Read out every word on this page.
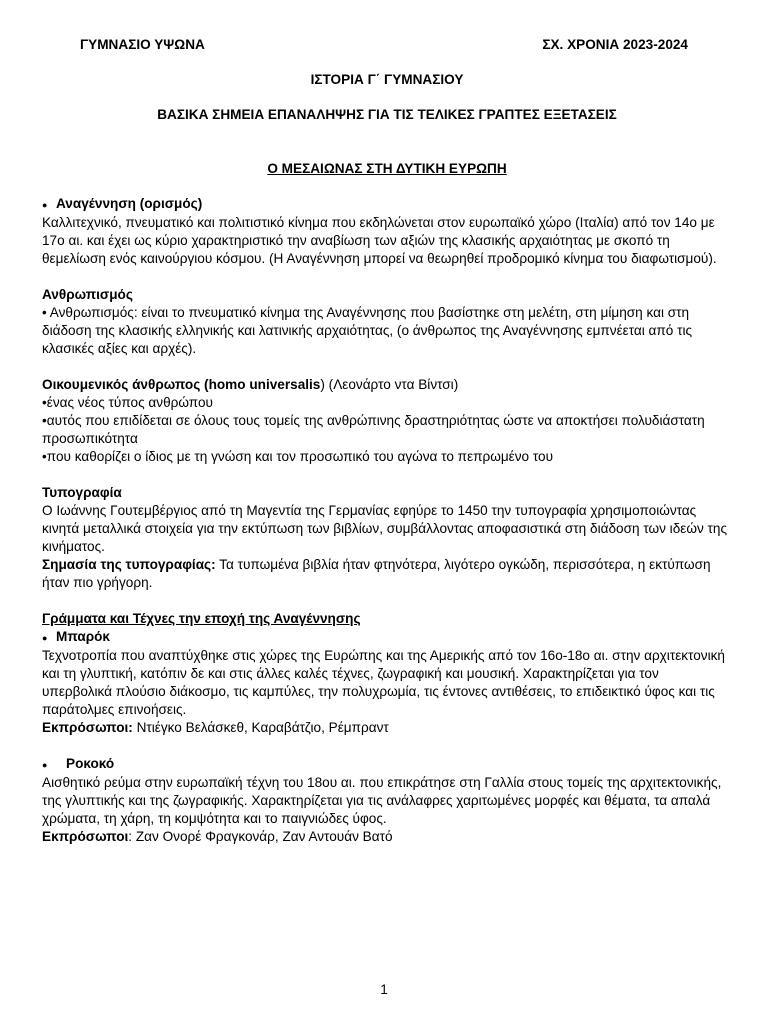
ΓΥΜΝΑΣΙΟ ΥΨΩΝΑ	ΣΧ. ΧΡΟΝΙΑ 2023-2024
ΙΣΤΟΡΙΑ Γ΄ ΓΥΜΝΑΣΙΟΥ
ΒΑΣΙΚΑ ΣΗΜΕΙΑ ΕΠΑΝΑΛΗΨΗΣ ΓΙΑ ΤΙΣ ΤΕΛΙΚΕΣ ΓΡΑΠΤΕΣ ΕΞΕΤΑΣΕΙΣ
Ο ΜΕΣΑΙΩΝΑΣ ΣΤΗ ΔΥΤΙΚΗ ΕΥΡΩΠΗ
● Αναγέννηση (ορισμός)

Καλλιτεχνικό, πνευματικό και πολιτιστικό κίνημα που εκδηλώνεται στον ευρωπαϊκό χώρο (Ιταλία) από τον 14ο με 17ο αι. και έχει ως κύριο χαρακτηριστικό την αναβίωση των αξιών της κλασικής αρχαιότητας με σκοπό τη θεμελίωση ενός καινούργιου κόσμου. (Η Αναγέννηση μπορεί να θεωρηθεί προδρομικό κίνημα του διαφωτισμού).

Ανθρωπισμός

• Ανθρωπισμός: είναι το πνευματικό κίνημα της Αναγέννησης που βασίστηκε στη μελέτη, στη μίμηση και στη διάδοση της κλασικής ελληνικής και λατινικής αρχαιότητας, (ο άνθρωπος της Αναγέννησης εμπνέεται από τις κλασικές αξίες και αρχές).

Οικουμενικός άνθρωπος (homo universalis) (Λεονάρτο ντα Βίντσι)

•ένας νέος τύπος ανθρώπου

•αυτός που επιδίδεται σε όλους τους τομείς της ανθρώπινης δραστηριότητας ώστε να αποκτήσει πολυδιάστατη προσωπικότητα

•που καθορίζει ο ίδιος με τη γνώση και τον προσωπικό του αγώνα το πεπρωμένο του

Τυπογραφία

Ο Ιωάννης Γουτεμβέργιος από τη Μαγεντία της Γερμανίας εφηύρε το 1450 την τυπογραφία χρησιμοποιώντας κινητά μεταλλικά στοιχεία για την εκτύπωση των βιβλίων, συμβάλλοντας αποφασιστικά στη διάδοση των ιδεών της κινήματος.

Σημασία της τυπογραφίας: Τα τυπωμένα βιβλία ήταν φτηνότερα, λιγότερο ογκώδη, περισσότερα, η εκτύπωση ήταν πιο γρήγορη.

Γράμματα και Τέχνες την εποχή της Αναγέννησης

● Μπαρόκ

Τεχνοτροπία που αναπτύχθηκε στις χώρες της Ευρώπης και της Αμερικής από τον 16ο-18ο αι. στην αρχιτεκτονική και τη γλυπτική, κατόπιν δε και στις άλλες καλές τέχνες, ζωγραφική και μουσική. Χαρακτηρίζεται για τον υπερβολικά πλούσιο διάκοσμο, τις καμπύλες, την πολυχρωμία, τις έντονες αντιθέσεις, το επιδεικτικό ύφος και τις παράτολμες επινοήσεις.

Εκπρόσωποι: Ντιέγκο Βελάσκεθ, Καραβάτζιο, Ρέμπραντ

●	Ροκοκό

Αισθητικό ρεύμα στην ευρωπαϊκή τέχνη του 18ου αι. που επικράτησε στη Γαλλία στους τομείς της αρχιτεκτονικής, της γλυπτικής και της ζωγραφικής. Χαρακτηρίζεται για τις ανάλαφρες χαριτωμένες μορφές και θέματα, τα απαλά χρώματα, τη χάρη, τη κομψότητα και το παιγνιώδες ύφος.

Εκπρόσωποι: Ζαν Ονορέ Φραγκονάρ, Ζαν Αντουάν Βατό

1
